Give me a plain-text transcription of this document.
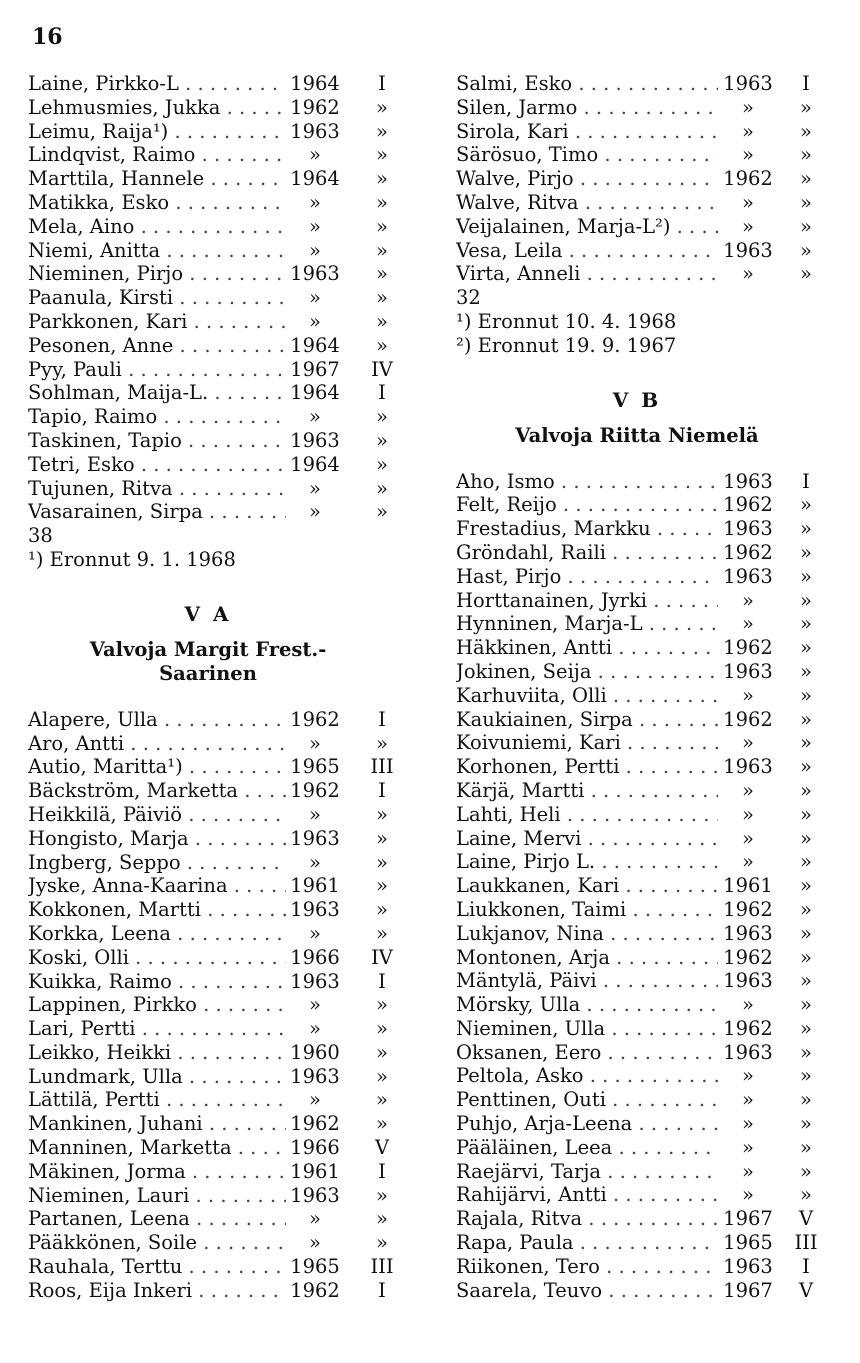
16
Laine, Pirkko-L . . .	1964	I
Lehmusmies, Jukka . . .	1962	»
Leimu, Raija¹) . . .	1963	»
Lindqvist, Raimo . . .	»	»
Marttila, Hannele . . .	1964	»
Matikka, Esko . . .	»	»
Mela, Aino . . .	»	»
Niemi, Anitta . . .	»	»
Nieminen, Pirjo . . .	1963	»
Paanula, Kirsti . . .	»	»
Parkkonen, Kari . . .	»	»
Pesonen, Anne . . .	1964	»
Pyy, Pauli . . .	1967	IV
Sohlman, Maija-L. . . .	1964	I
Tapio, Raimo . . .	»	»
Taskinen, Tapio . . .	1963	»
Tetri, Esko . . .	1964	»
Tujunen, Ritva . . .	»	»
Vasarainen, Sirpa . . .	»	»
38
¹) Eronnut 9. 1. 1968
V A
Valvoja Margit Frest.-
Saarinen
Alapere, Ulla . . .	1962	I
Aro, Antti . . .	»	»
Autio, Maritta¹) . . .	1965	III
Bäckström, Marketta . . .	1962	I
Heikkilä, Päiviö . . .	»	»
Hongisto, Marja . . .	1963	»
Ingberg, Seppo . . .	»	»
Jyske, Anna-Kaarina . . .	1961	»
Kokkonen, Martti . . .	1963	»
Korkka, Leena . . .	»	»
Koski, Olli . . .	1966	IV
Kuikka, Raimo . . .	1963	I
Lappinen, Pirkko . . .	»	»
Lari, Pertti . . .	»	»
Leikko, Heikki . . .	1960	»
Lundmark, Ulla . . .	1963	»
Lättilä, Pertti . . .	»	»
Mankinen, Juhani . . .	1962	»
Manninen, Marketta . . .	1966	V
Mäkinen, Jorma . . .	1961	I
Nieminen, Lauri . . .	1963	»
Partanen, Leena . . .	»	»
Pääkkönen, Soile . . .	»	»
Rauhala, Terttu . . .	1965	III
Roos, Eija Inkeri . . .	1962	I
Salmi, Esko . . .	1963	I
Silen, Jarmo . . .	»	»
Sirola, Kari . . .	»	»
Särösuo, Timo . . .	»	»
Walve, Pirjo . . .	1962	»
Walve, Ritva . . .	»	»
Veijalainen, Marja-L²) . . .	»	»
Vesa, Leila . . .	1963	»
Virta, Anneli . . .	»	»
32
¹) Eronnut 10. 4. 1968
²) Eronnut 19. 9. 1967
V B
Valvoja Riitta Niemelä
Aho, Ismo . . .	1963	I
Felt, Reijo . . .	1962	»
Frestadius, Markku . . .	1963	»
Gröndahl, Raili . . .	1962	»
Hast, Pirjo . . .	1963	»
Horttanainen, Jyrki . . .	»	»
Hynninen, Marja-L . . .	»	»
Häkkinen, Antti . . .	1962	»
Jokinen, Seija . . .	1963	»
Karhuviita, Olli . . .	»	»
Kaukiainen, Sirpa . . .	1962	»
Koivuniemi, Kari . . .	»	»
Korhonen, Pertti . . .	1963	»
Kärjä, Martti . . .	»	»
Lahti, Heli . . .	»	»
Laine, Mervi . . .	»	»
Laine, Pirjo L. . . .	»	»
Laukkanen, Kari . . .	1961	»
Liukkonen, Taimi . . .	1962	»
Lukjanov, Nina . . .	1963	»
Montonen, Arja . . .	1962	»
Mäntylä, Päivi . . .	1963	»
Mörsky, Ulla . . .	»	»
Nieminen, Ulla . . .	1962	»
Oksanen, Eero . . .	1963	»
Peltola, Asko . . .	»	»
Penttinen, Outi . . .	»	»
Puhjo, Arja-Leena . . .	»	»
Pääläinen, Leea . . .	»	»
Raejärvi, Tarja . . .	»	»
Rahijärvi, Antti . . .	»	»
Rajala, Ritva . . .	1967	V
Rapa, Paula . . .	1965	III
Riikonen, Tero . . .	1963	I
Saarela, Teuvo . . .	1967	V
